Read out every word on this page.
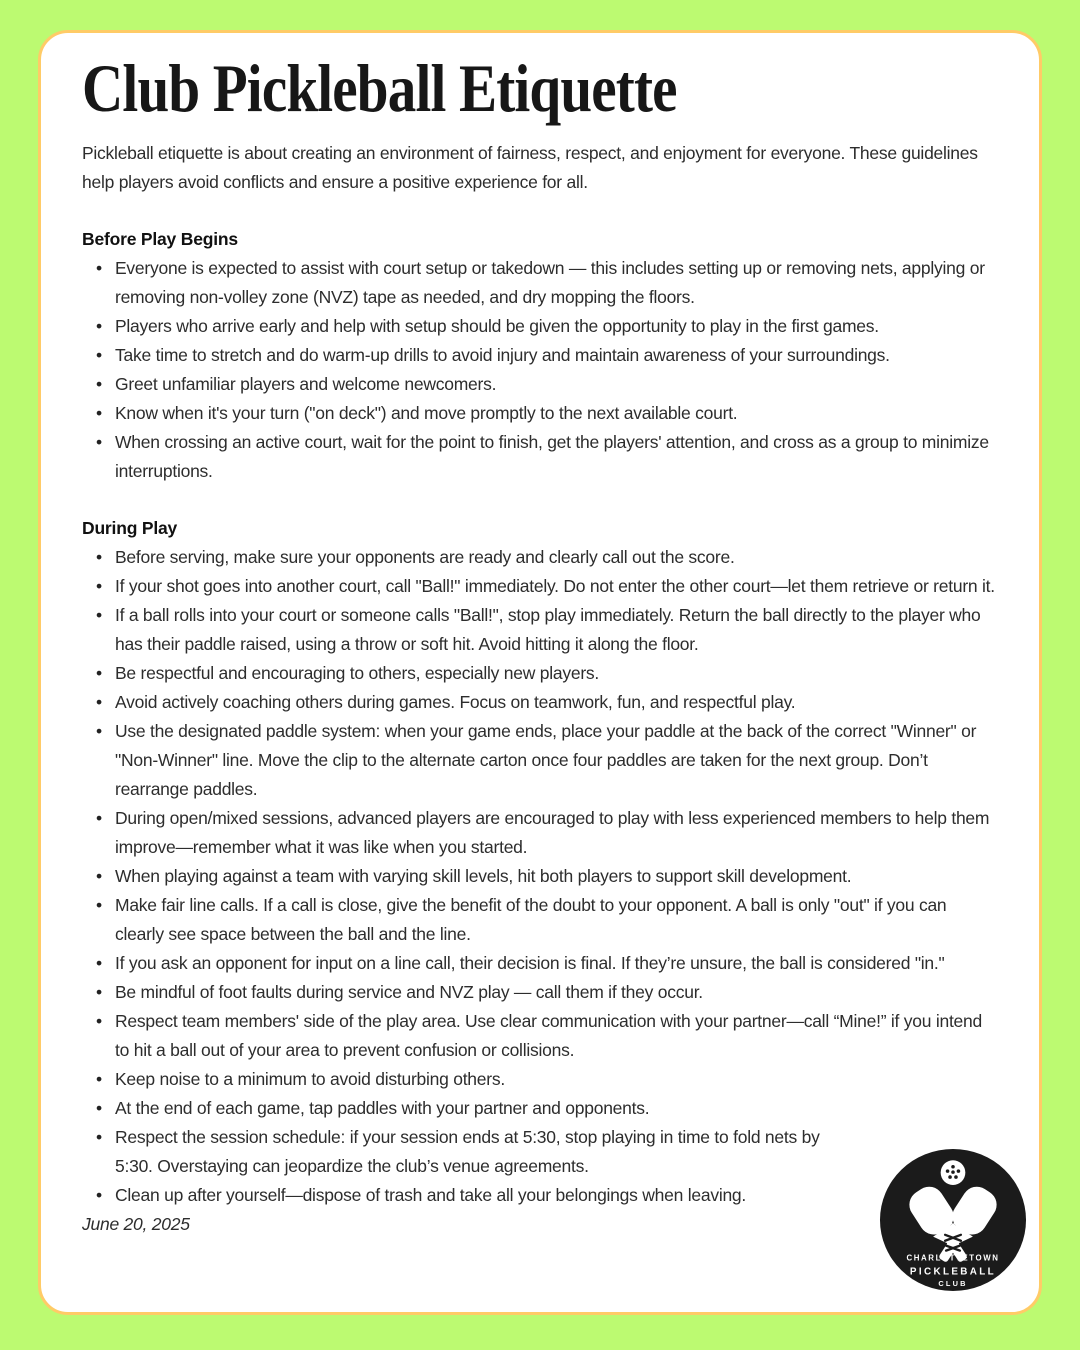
Club Pickleball Etiquette

Pickleball etiquette is about creating an environment of fairness, respect, and enjoyment for everyone. These guidelines help players avoid conflicts and ensure a positive experience for all.

Before Play Begins
• Everyone is expected to assist with court setup or takedown — this includes setting up or removing nets, applying or removing non-volley zone (NVZ) tape as needed, and dry mopping the floors.
• Players who arrive early and help with setup should be given the opportunity to play in the first games.
• Take time to stretch and do warm-up drills to avoid injury and maintain awareness of your surroundings.
• Greet unfamiliar players and welcome newcomers.
• Know when it's your turn ("on deck") and move promptly to the next available court.
• When crossing an active court, wait for the point to finish, get the players' attention, and cross as a group to minimize interruptions.
During Play
• Before serving, make sure your opponents are ready and clearly call out the score.
• If your shot goes into another court, call "Ball!" immediately. Do not enter the other court—let them retrieve or return it.
• If a ball rolls into your court or someone calls "Ball!", stop play immediately. Return the ball directly to the player who has their paddle raised, using a throw or soft hit. Avoid hitting it along the floor.
• Be respectful and encouraging to others, especially new players.
• Avoid actively coaching others during games. Focus on teamwork, fun, and respectful play.
• Use the designated paddle system: when your game ends, place your paddle at the back of the correct "Winner" or "Non-Winner" line. Move the clip to the alternate carton once four paddles are taken for the next group. Don’t rearrange paddles.
• During open/mixed sessions, advanced players are encouraged to play with less experienced members to help them improve—remember what it was like when you started.
• When playing against a team with varying skill levels, hit both players to support skill development.
• Make fair line calls. If a call is close, give the benefit of the doubt to your opponent. A ball is only "out" if you can clearly see space between the ball and the line.
• If you ask an opponent for input on a line call, their decision is final. If they’re unsure, the ball is considered "in."
• Be mindful of foot faults during service and NVZ play — call them if they occur.
• Respect team members' side of the play area. Use clear communication with your partner—call “Mine!” if you intend to hit a ball out of your area to prevent confusion or collisions.
• Keep noise to a minimum to avoid disturbing others.
• At the end of each game, tap paddles with your partner and opponents.
• Respect the session schedule: if your session ends at 5:30, stop playing in time to fold nets by 5:30. Overstaying can jeopardize the club’s venue agreements.
• Clean up after yourself—dispose of trash and take all your belongings when leaving.

June 20, 2025

CHARLOTTETOWN
PICKLEBALL
CLUB
